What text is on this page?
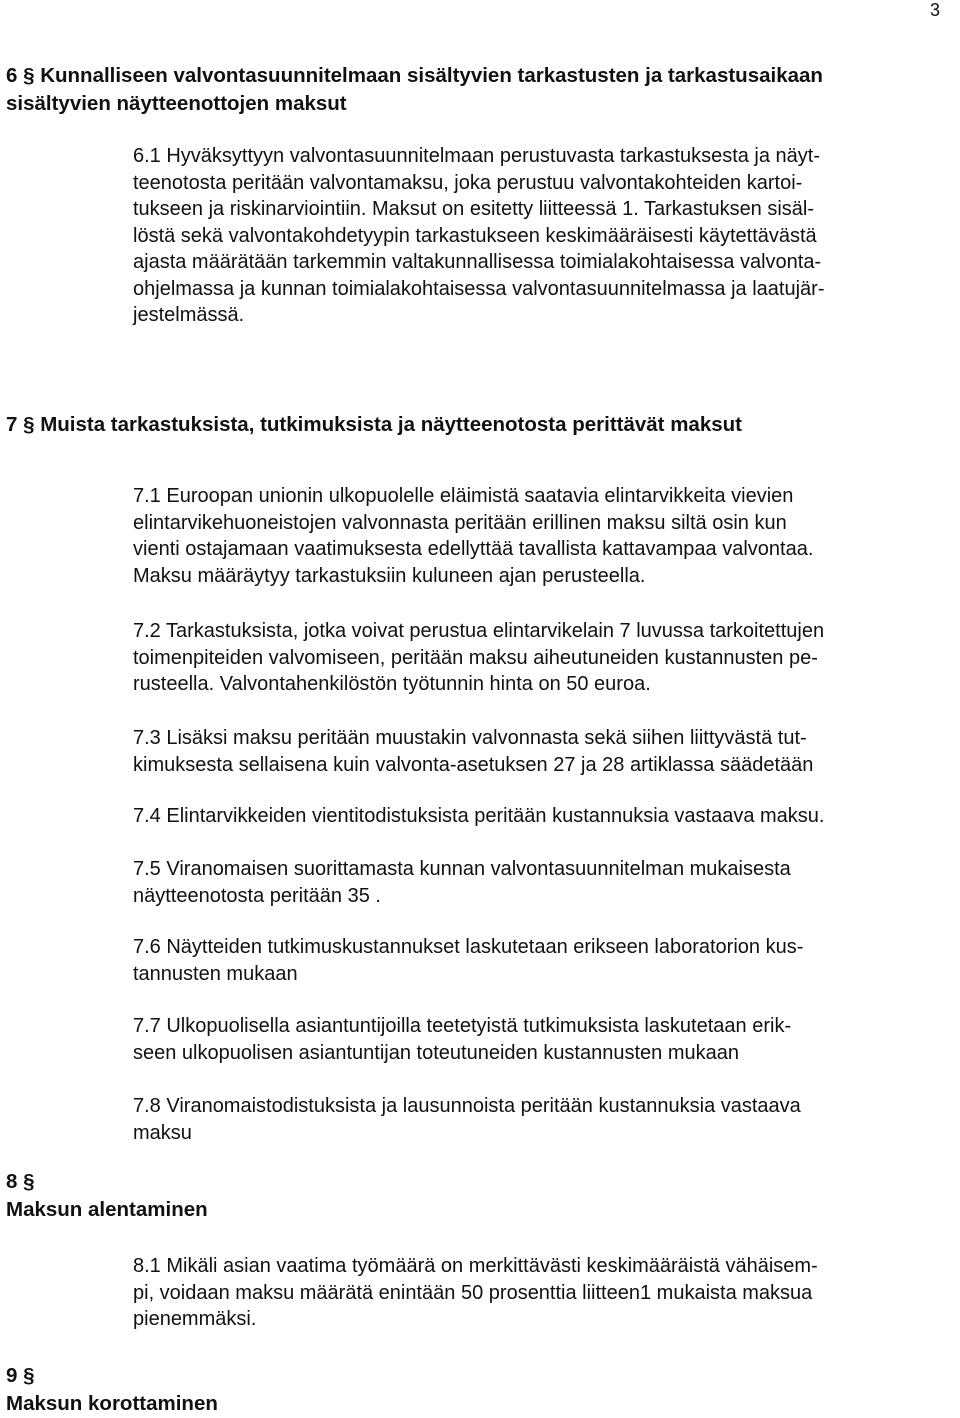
3
6 § Kunnalliseen valvontasuunnitelmaan sisältyvien tarkastusten ja tarkastusaikaan
sisältyvien näytteenottojen maksut
6.1 Hyväksyttyyn valvontasuunnitelmaan perustuvasta tarkastuksesta ja näyt-
teenotosta peritään valvontamaksu, joka perustuu valvontakohteiden kartoi-
tukseen ja riskinarviointiin. Maksut on esitetty liitteessä 1. Tarkastuksen sisäl-
löstä sekä valvontakohdetyypin tarkastukseen keskimääräisesti käytettävästä
ajasta määrätään tarkemmin valtakunnallisessa toimialakohtaisessa valvonta-
ohjelmassa ja kunnan toimialakohtaisessa valvontasuunnitelmassa ja laatujär-
jestelmässä.
7 § Muista tarkastuksista, tutkimuksista ja näytteenotosta perittävät maksut
7.1 Euroopan unionin ulkopuolelle eläimistä saatavia elintarvikkeita vievien
elintarvikehuoneistojen valvonnasta peritään erillinen maksu siltä osin kun
vienti ostajamaan vaatimuksesta edellyttää tavallista kattavampaa valvontaa.
Maksu määräytyy tarkastuksiin kuluneen ajan perusteella.
7.2 Tarkastuksista, jotka voivat perustua elintarvikelain 7 luvussa tarkoitettujen
toimenpiteiden valvomiseen, peritään maksu aiheutuneiden kustannusten pe-
rusteella. Valvontahenkilöstön työtunnin hinta on 50 euroa.
7.3 Lisäksi maksu peritään muustakin valvonnasta sekä siihen liittyvästä tut-
kimuksesta sellaisena kuin valvonta-asetuksen 27 ja 28 artiklassa säädetään
7.4 Elintarvikkeiden vientitodistuksista peritään kustannuksia vastaava maksu.
7.5 Viranomaisen suorittamasta kunnan valvontasuunnitelman mukaisesta
näytteenotosta peritään 35 .
7.6 Näytteiden tutkimuskustannukset laskutetaan erikseen laboratorion kus-
tannusten mukaan
7.7 Ulkopuolisella asiantuntijoilla teetetyistä tutkimuksista laskutetaan erik-
seen ulkopuolisen asiantuntijan toteutuneiden kustannusten mukaan
7.8 Viranomaistodistuksista ja lausunnoista peritään kustannuksia vastaava
maksu
8 §
Maksun alentaminen
8.1 Mikäli asian vaatima työmäärä on merkittävästi keskimääräistä vähäisem-
pi, voidaan maksu määrätä enintään 50 prosenttia liitteen1 mukaista maksua
pienemmäksi.
9 §
Maksun korottaminen
